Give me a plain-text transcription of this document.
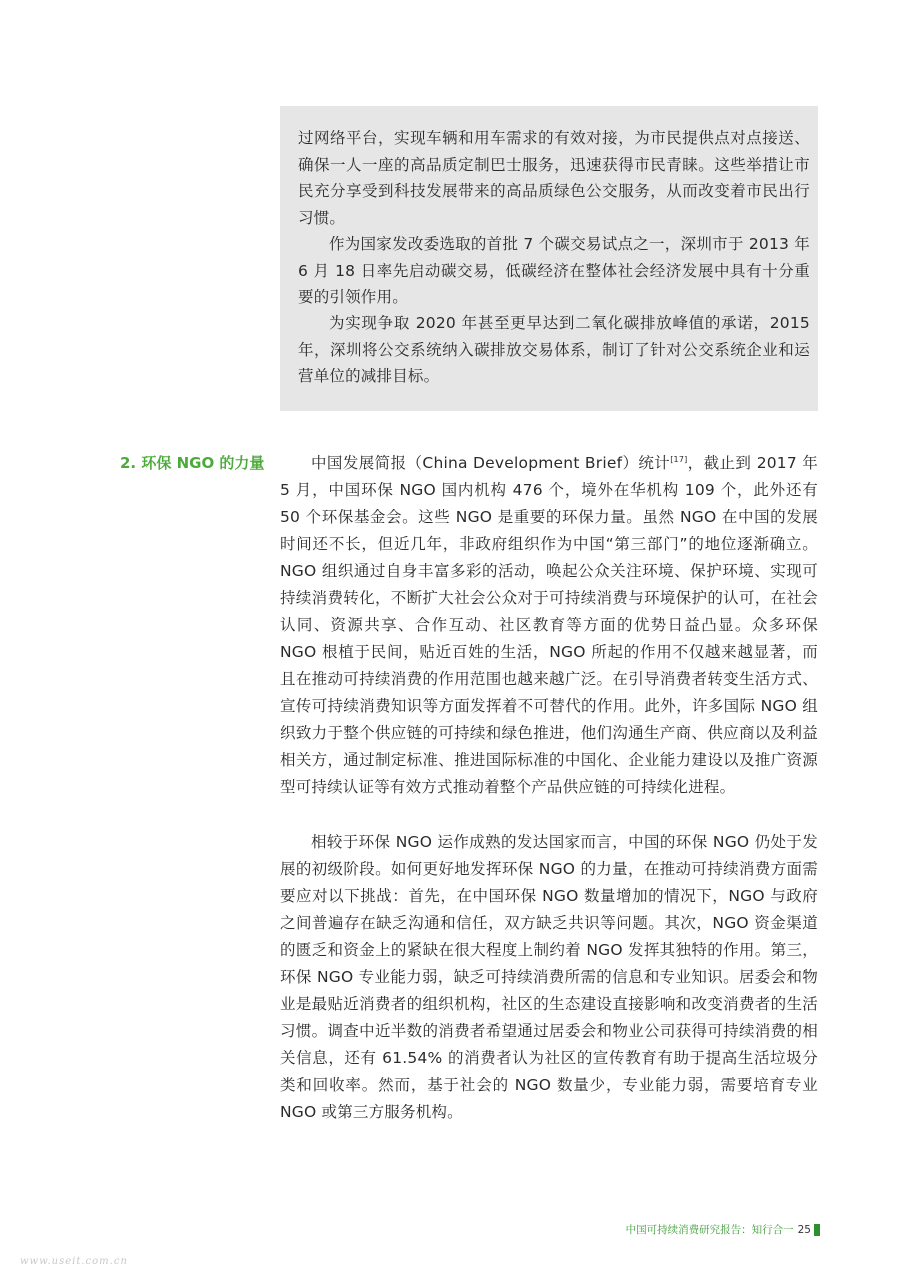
过网络平台，实现车辆和用车需求的有效对接，为市民提供点对点接送、确保一人一座的高品质定制巴士服务，迅速获得市民青睐。这些举措让市民充分享受到科技发展带来的高品质绿色公交服务，从而改变着市民出行习惯。

作为国家发改委选取的首批 7 个碳交易试点之一，深圳市于 2013 年 6 月 18 日率先启动碳交易，低碳经济在整体社会经济发展中具有十分重要的引领作用。

为实现争取 2020 年甚至更早达到二氧化碳排放峰值的承诺，2015 年，深圳将公交系统纳入碳排放交易体系，制订了针对公交系统企业和运营单位的减排目标。

2. 环保 NGO 的力量	中国发展简报（China Development Brief）统计[17]，截止到 2017 年 5 月，中国环保 NGO 国内机构 476 个，境外在华机构 109 个，此外还有 50 个环保基金会。这些 NGO 是重要的环保力量。虽然 NGO 在中国的发展时间还不长，但近几年，非政府组织作为中国“第三部门”的地位逐渐确立。NGO 组织通过自身丰富多彩的活动，唤起公众关注环境、保护环境、实现可持续消费转化，不断扩大社会公众对于可持续消费与环境保护的认可，在社会认同、资源共享、合作互动、社区教育等方面的优势日益凸显。众多环保 NGO 根植于民间，贴近百姓的生活，NGO 所起的作用不仅越来越显著，而且在推动可持续消费的作用范围也越来越广泛。在引导消费者转变生活方式、宣传可持续消费知识等方面发挥着不可替代的作用。此外，许多国际 NGO 组织致力于整个供应链的可持续和绿色推进，他们沟通生产商、供应商以及利益相关方，通过制定标准、推进国际标准的中国化、企业能力建设以及推广资源型可持续认证等有效方式推动着整个产品供应链的可持续化进程。

相较于环保 NGO 运作成熟的发达国家而言，中国的环保 NGO 仍处于发展的初级阶段。如何更好地发挥环保 NGO 的力量，在推动可持续消费方面需要应对以下挑战：首先，在中国环保 NGO 数量增加的情况下，NGO 与政府之间普遍存在缺乏沟通和信任，双方缺乏共识等问题。其次，NGO 资金渠道的匮乏和资金上的紧缺在很大程度上制约着 NGO 发挥其独特的作用。第三，环保 NGO 专业能力弱，缺乏可持续消费所需的信息和专业知识。居委会和物业是最贴近消费者的组织机构，社区的生态建设直接影响和改变消费者的生活习惯。调查中近半数的消费者希望通过居委会和物业公司获得可持续消费的相关信息，还有 61.54% 的消费者认为社区的宣传教育有助于提高生活垃圾分类和回收率。然而，基于社会的 NGO 数量少，专业能力弱，需要培育专业 NGO 或第三方服务机构。

中国可持续消费研究报告：知行合一 25
www.useit.com.cn
